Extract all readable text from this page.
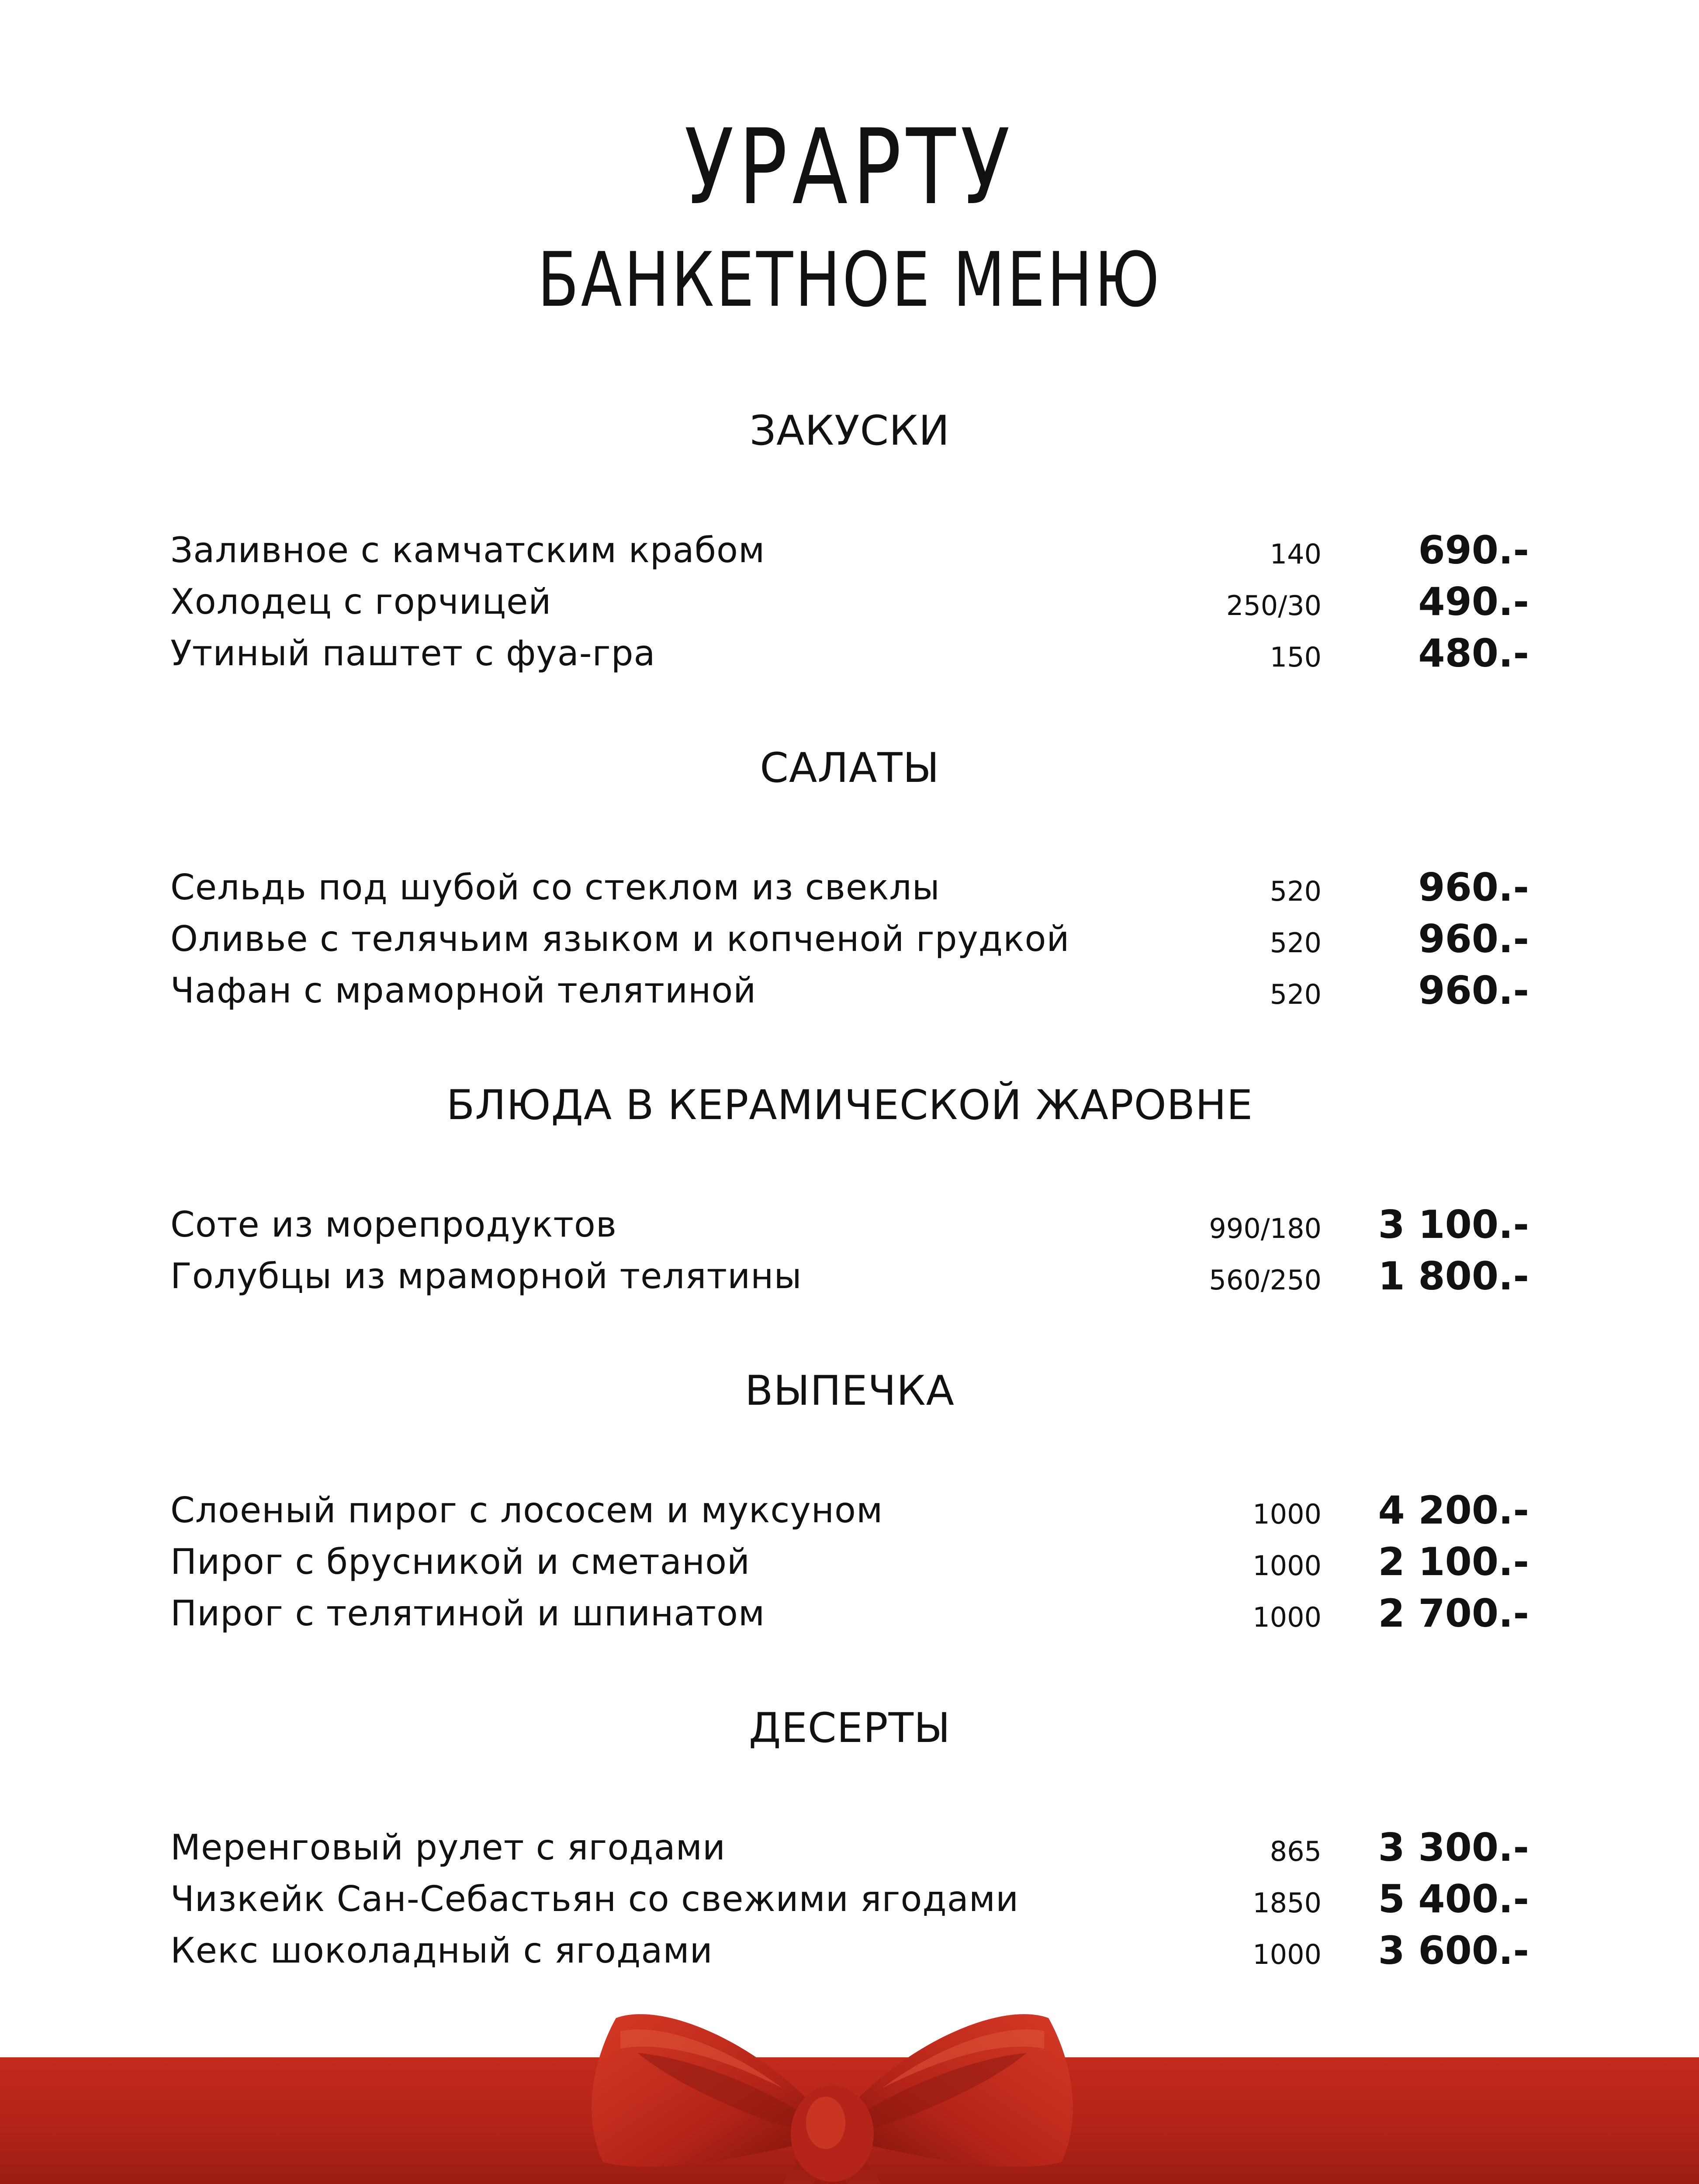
УРАРТУ
БАНКЕТНОЕ МЕНЮ
ЗАКУСКИ
Заливное с камчатским крабом	140	690.-
Холодец с горчицей	250/30	490.-
Утиный паштет с фуа-гра	150	480.-
САЛАТЫ
Сельдь под шубой со стеклом из свеклы	520	960.-
Оливье с телячьим языком и копченой грудкой	520	960.-
Чафан с мраморной телятиной	520	960.-
БЛЮДА В КЕРАМИЧЕСКОЙ ЖАРОВНЕ
Соте из морепродуктов	990/180	3 100.-
Голубцы из мраморной телятины	560/250	1 800.-
ВЫПЕЧКА
Слоеный пирог с лососем и муксуном	1000	4 200.-
Пирог с брусникой и сметаной	1000	2 100.-
Пирог с телятиной и шпинатом	1000	2 700.-
ДЕСЕРТЫ
Меренговый рулет с ягодами	865	3 300.-
Чизкейк Сан-Себастьян со свежими ягодами	1850	5 400.-
Кекс шоколадный с ягодами	1000	3 600.-
